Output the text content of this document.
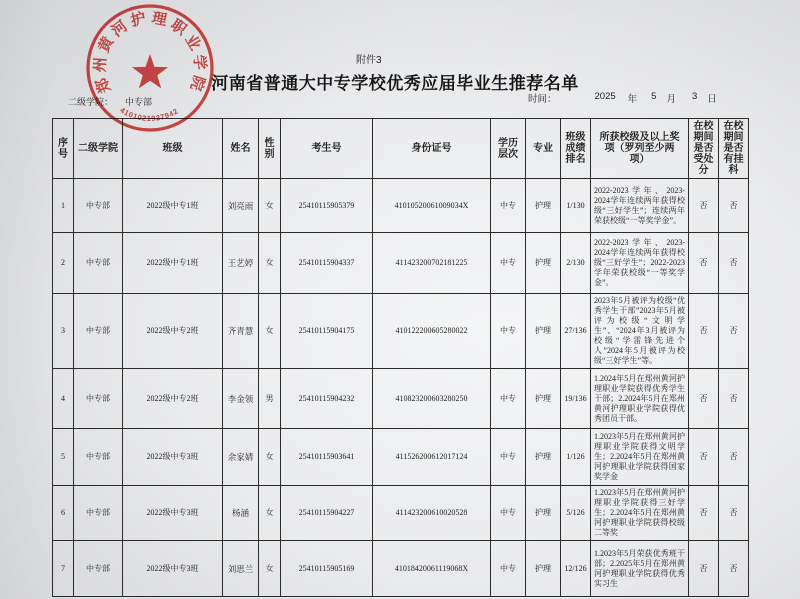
附件3
河南省普通大中专学校优秀应届毕业生推荐名单
二级学院： 中专部	时间：	2025 年 5 月 3 日
序号	二级学院	班级	姓名	性别	考生号	身份证号	学历层次	专业	班级成绩排名	所获校级及以上奖项（罗列至少两项）	在校期间是否受处分	在校期间是否有挂科
1	中专部	2022级中专1班	刘亮雨	女	25410115905379	41010520061009034X	中专	护理	1/130	2022-2023学年、2023-2024学年连续两年获得校级“三好学生”；连续两年荣获校级“一等奖学金”。	否	否
2	中专部	2022级中专1班	王艺婷	女	25410115904337	411423200702181225	中专	护理	2/130	2022-2023学年、2023-2024学年连续两年获得校级“三好学生”；2022-2023学年荣获校级“一等奖学金”。	否	否
3	中专部	2022级中专2班	齐青慧	女	25410115904175	410122200605280022	中专	护理	27/136	2023年5月被评为校级“优秀学生干部”2023年5月被评为校级“文明学生”、“2024年3月被评为校级“学雷锋先进个人”2024年5月被评为校级“三好学生”等。	否	否
4	中专部	2022级中专2班	李金领	男	25410115904232	410823200603280250	中专	护理	19/136	1.2024年5月在郑州黄河护理职业学院获得优秀学生干部；2.2024年5月在郑州黄河护理职业学院获得优秀团员干部。	否	否
5	中专部	2022级中专3班	余家婧	女	25410115903641	411526200612017124	中专	护理	1/126	1.2023年5月在郑州黄河护理职业学院获得文明学生；2.2024年5月在郑州黄河护理职业学院获得国家奖学金	否	否
6	中专部	2022级中专3班	杨涵	女	25410115904227	411423200610020528	中专	护理	5/126	1.2023年5月在郑州黄河护理职业学院获得三好学生；2.2024年5月在郑州黄河护理职业学院获得校级二等奖	否	否
7	中专部	2022级中专3班	刘思兰	女	25410115905169	41018420061119068X	中专	护理	12/126	1.2023年5月荣获优秀班干部；2.2025年5月在郑州黄河护理职业学院获得优秀实习生	否	否
郑州黄河护理职业学院
4101021927942
